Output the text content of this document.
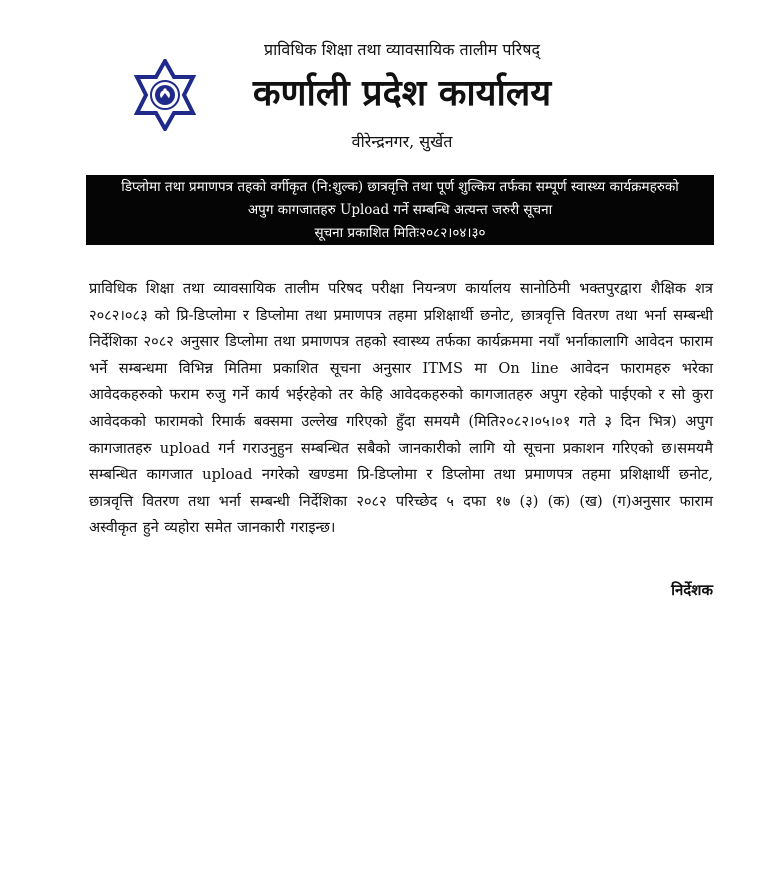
प्राविधिक शिक्षा तथा व्यावसायिक तालीम परिषद्
कर्णाली प्रदेश कार्यालय
वीरेन्द्रनगर, सुर्खेत
डिप्लोमा तथा प्रमाणपत्र तहको वर्गीकृत (नि:शुल्क) छात्रवृत्ति तथा पूर्ण शुल्किय तर्फका सम्पूर्ण स्वास्थ्य कार्यक्रमहरुको
अपुग कागजातहरु Upload गर्ने सम्बन्धि अत्यन्त जरुरी सूचना
सूचना प्रकाशित मितिः२०८२।०४।३०
प्राविधिक शिक्षा तथा व्यावसायिक तालीम परिषद परीक्षा नियन्त्रण कार्यालय सानोठिमी भक्तपुरद्वारा शैक्षिक शत्र २०८२।०८३ को प्रि-डिप्लोमा र डिप्लोमा तथा प्रमाणपत्र तहमा प्रशिक्षार्थी छनोट, छात्रवृत्ति वितरण तथा भर्ना सम्बन्धी निर्देशिका २०८२ अनुसार डिप्लोमा तथा प्रमाणपत्र तहको स्वास्थ्य तर्फका कार्यक्रममा नयाँ भर्नाकालागि आवेदन फाराम भर्ने सम्बन्धमा विभिन्न मितिमा प्रकाशित सूचना अनुसार ITMS मा On line आवेदन फारामहरु भरेका आवेदकहरुको फराम रुजु गर्ने कार्य भईरहेको तर केहि आवेदकहरुको कागजातहरु अपुग रहेको पाईएको र सो कुरा आवेदकको फारामको रिमार्क बक्समा उल्लेख गरिएको हुँदा समयमै (मिति२०८२।०५।०१ गते ३ दिन भित्र) अपुग कागजातहरु upload गर्न गराउनुहुन सम्बन्धित सबैको जानकारीको लागि यो सूचना प्रकाशन गरिएको छ।समयमै सम्बन्धित कागजात upload नगरेको खण्डमा प्रि-डिप्लोमा र डिप्लोमा तथा प्रमाणपत्र तहमा प्रशिक्षार्थी छनोट, छात्रवृत्ति वितरण तथा भर्ना सम्बन्धी निर्देशिका २०८२ परिच्छेद ५ दफा १७ (३) (क) (ख) (ग)अनुसार फाराम अस्वीकृत हुने व्यहोरा समेत जानकारी गराइन्छ।
निर्देशक
